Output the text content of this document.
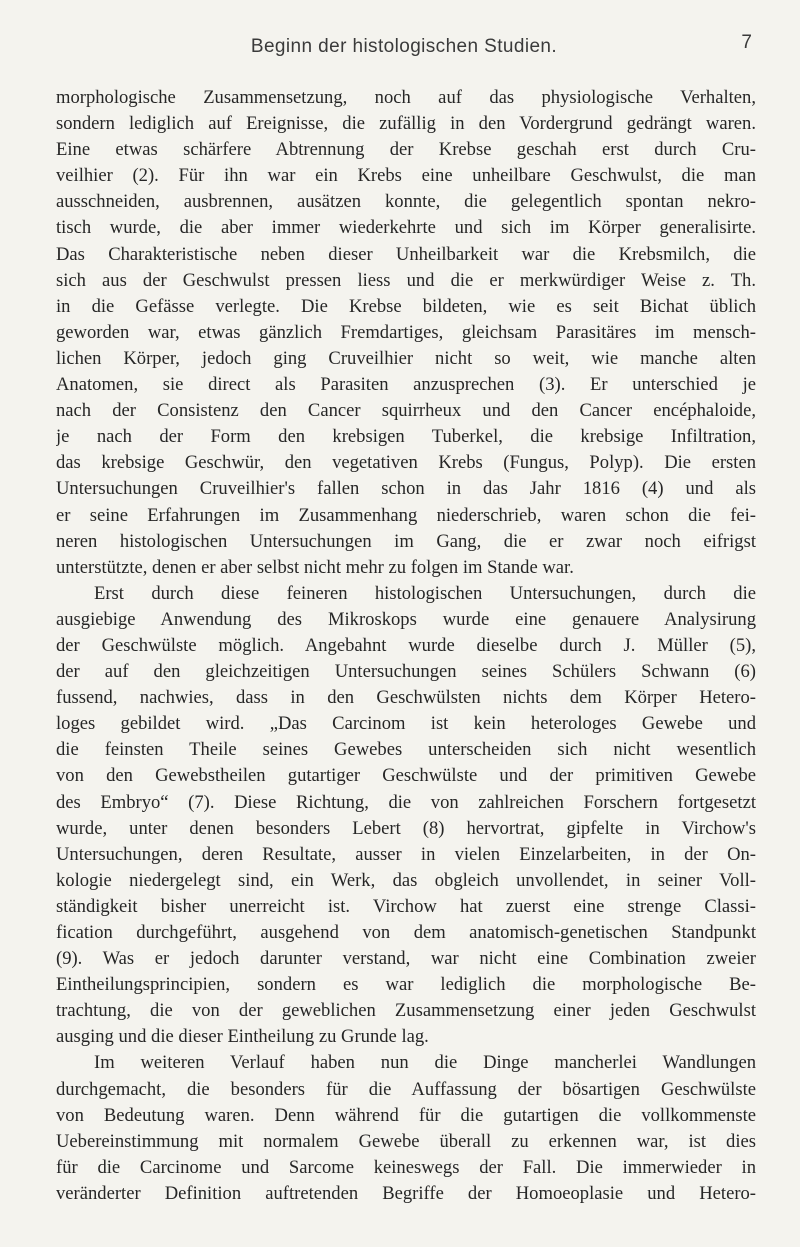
Beginn der histologischen Studien.	7
morphologische Zusammensetzung, noch auf das physiologische Verhalten,
sondern lediglich auf Ereignisse, die zufällig in den Vordergrund gedrängt waren.
Eine etwas schärfere Abtrennung der Krebse geschah erst durch Cru-
veilhier (2). Für ihn war ein Krebs eine unheilbare Geschwulst, die man
ausschneiden, ausbrennen, ausätzen konnte, die gelegentlich spontan nekro-
tisch wurde, die aber immer wiederkehrte und sich im Körper generalisirte.
Das Charakteristische neben dieser Unheilbarkeit war die Krebsmilch, die
sich aus der Geschwulst pressen liess und die er merkwürdiger Weise z. Th.
in die Gefässe verlegte. Die Krebse bildeten, wie es seit Bichat üblich
geworden war, etwas gänzlich Fremdartiges, gleichsam Parasitäres im mensch-
lichen Körper, jedoch ging Cruveilhier nicht so weit, wie manche alten
Anatomen, sie direct als Parasiten anzusprechen (3). Er unterschied je
nach der Consistenz den Cancer squirrheux und den Cancer encéphaloide,
je nach der Form den krebsigen Tuberkel, die krebsige Infiltration,
das krebsige Geschwür, den vegetativen Krebs (Fungus, Polyp). Die ersten
Untersuchungen Cruveilhier's fallen schon in das Jahr 1816 (4) und als
er seine Erfahrungen im Zusammenhang niederschrieb, waren schon die fei-
neren histologischen Untersuchungen im Gang, die er zwar noch eifrigst
unterstützte, denen er aber selbst nicht mehr zu folgen im Stande war.
Erst durch diese feineren histologischen Untersuchungen, durch die
ausgiebige Anwendung des Mikroskops wurde eine genauere Analysirung
der Geschwülste möglich. Angebahnt wurde dieselbe durch J. Müller (5),
der auf den gleichzeitigen Untersuchungen seines Schülers Schwann (6)
fussend, nachwies, dass in den Geschwülsten nichts dem Körper Hetero-
loges gebildet wird. „Das Carcinom ist kein heterologes Gewebe und
die feinsten Theile seines Gewebes unterscheiden sich nicht wesentlich
von den Gewebstheilen gutartiger Geschwülste und der primitiven Gewebe
des Embryo“ (7). Diese Richtung, die von zahlreichen Forschern fortgesetzt
wurde, unter denen besonders Lebert (8) hervortrat, gipfelte in Virchow's
Untersuchungen, deren Resultate, ausser in vielen Einzelarbeiten, in der On-
kologie niedergelegt sind, ein Werk, das obgleich unvollendet, in seiner Voll-
ständigkeit bisher unerreicht ist. Virchow hat zuerst eine strenge Classi-
fication durchgeführt, ausgehend von dem anatomisch-genetischen Standpunkt
(9). Was er jedoch darunter verstand, war nicht eine Combination zweier
Eintheilungsprincipien, sondern es war lediglich die morphologische Be-
trachtung, die von der geweblichen Zusammensetzung einer jeden Geschwulst
ausging und die dieser Eintheilung zu Grunde lag.
Im weiteren Verlauf haben nun die Dinge mancherlei Wandlungen
durchgemacht, die besonders für die Auffassung der bösartigen Geschwülste
von Bedeutung waren. Denn während für die gutartigen die vollkommenste
Uebereinstimmung mit normalem Gewebe überall zu erkennen war, ist dies
für die Carcinome und Sarcome keineswegs der Fall. Die immerwieder in
veränderter Definition auftretenden Begriffe der Homoeoplasie und Hetero-
